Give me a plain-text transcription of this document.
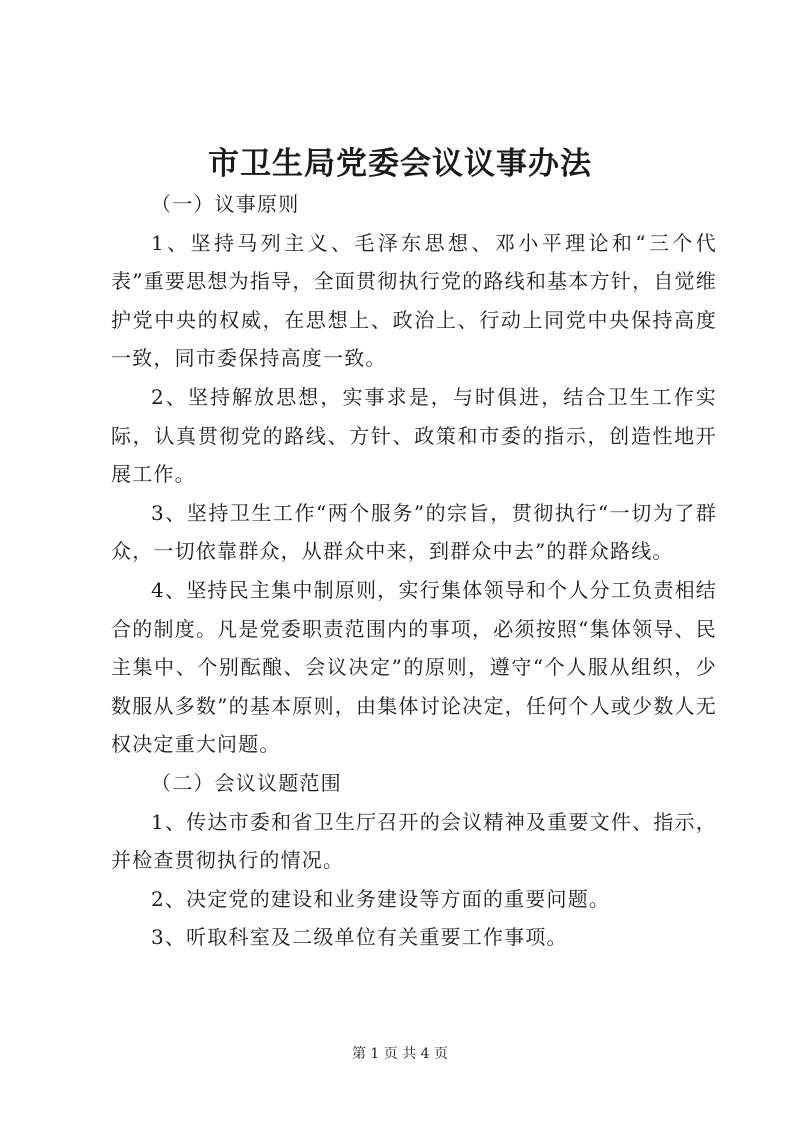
市卫生局党委会议议事办法

（一）议事原则

1、坚持马列主义、毛泽东思想、邓小平理论和“三个代表”重要思想为指导，全面贯彻执行党的路线和基本方针，自觉维护党中央的权威，在思想上、政治上、行动上同党中央保持高度一致，同市委保持高度一致。

2、坚持解放思想，实事求是，与时俱进，结合卫生工作实际，认真贯彻党的路线、方针、政策和市委的指示，创造性地开展工作。

3、坚持卫生工作“两个服务”的宗旨，贯彻执行“一切为了群众，一切依靠群众，从群众中来，到群众中去”的群众路线。

4、坚持民主集中制原则，实行集体领导和个人分工负责相结合的制度。凡是党委职责范围内的事项，必须按照“集体领导、民主集中、个别酝酿、会议决定”的原则，遵守“个人服从组织，少数服从多数”的基本原则，由集体讨论决定，任何个人或少数人无权决定重大问题。

（二）会议议题范围

1、传达市委和省卫生厅召开的会议精神及重要文件、指示，并检查贯彻执行的情况。

2、决定党的建设和业务建设等方面的重要问题。

3、听取科室及二级单位有关重要工作事项。

第 1 页 共 4 页
